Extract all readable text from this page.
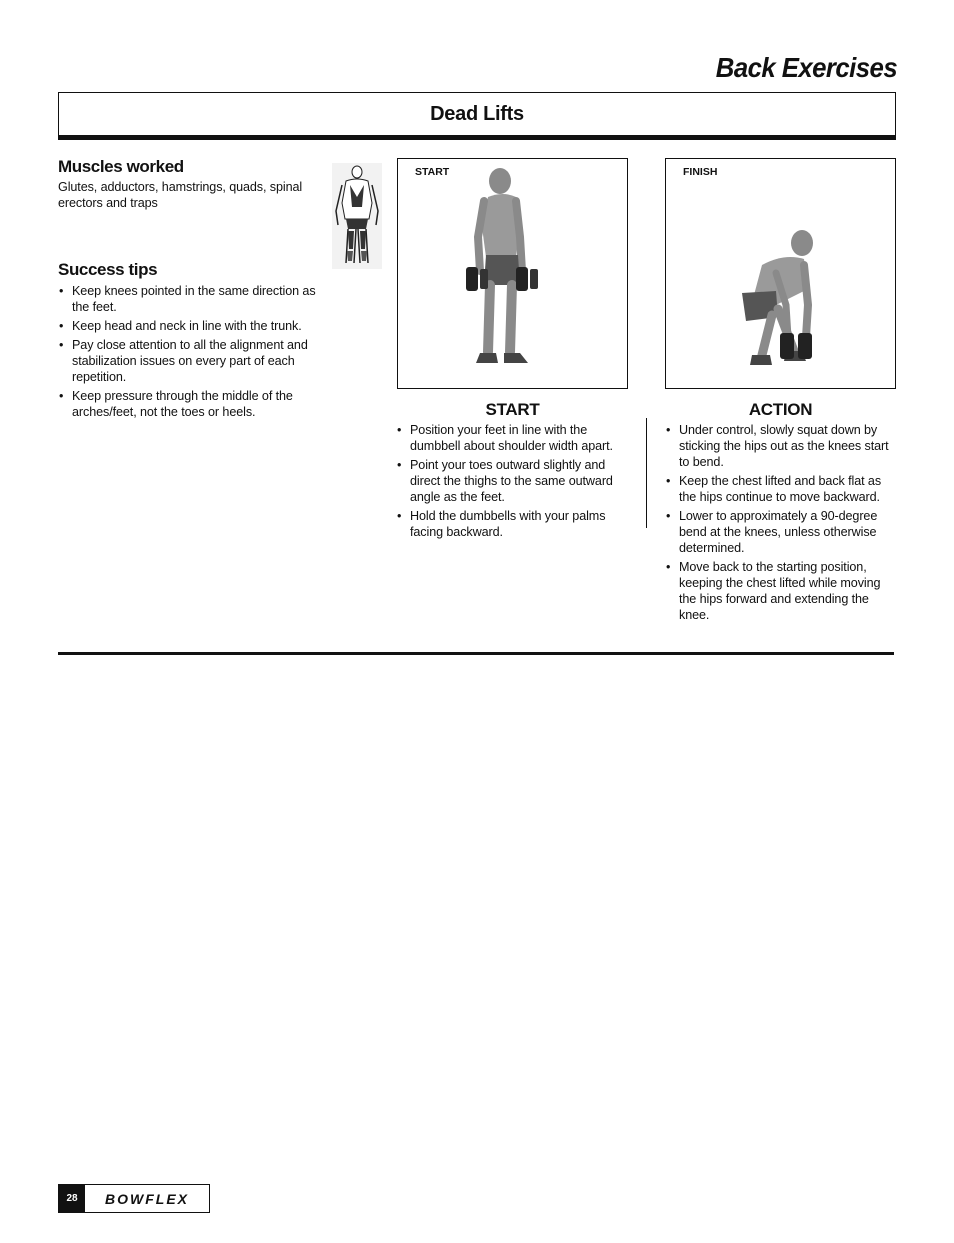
Back Exercises
Dead Lifts
Muscles worked
Glutes, adductors, hamstrings, quads, spinal erectors and traps
Success tips
• Keep knees pointed in the same direction as the feet.
• Keep head and neck in line with the trunk.
• Pay close attention to all the alignment and stabilization issues on every part of each repetition.
• Keep pressure through the middle of the arches/feet, not the toes or heels.
START	FINISH
START
• Position your feet in line with the dumbbell about shoulder width apart.
• Point your toes outward slightly and direct the thighs to the same outward angle as the feet.
• Hold the dumbbells with your palms facing backward.
ACTION
• Under control, slowly squat down by sticking the hips out as the knees start to bend.
• Keep the chest lifted and back flat as the hips continue to move backward.
• Lower to approximately a 90-degree bend at the knees, unless otherwise determined.
• Move back to the starting position, keeping the chest lifted while moving the hips forward and extending the knee.
28	BOWFLEX
